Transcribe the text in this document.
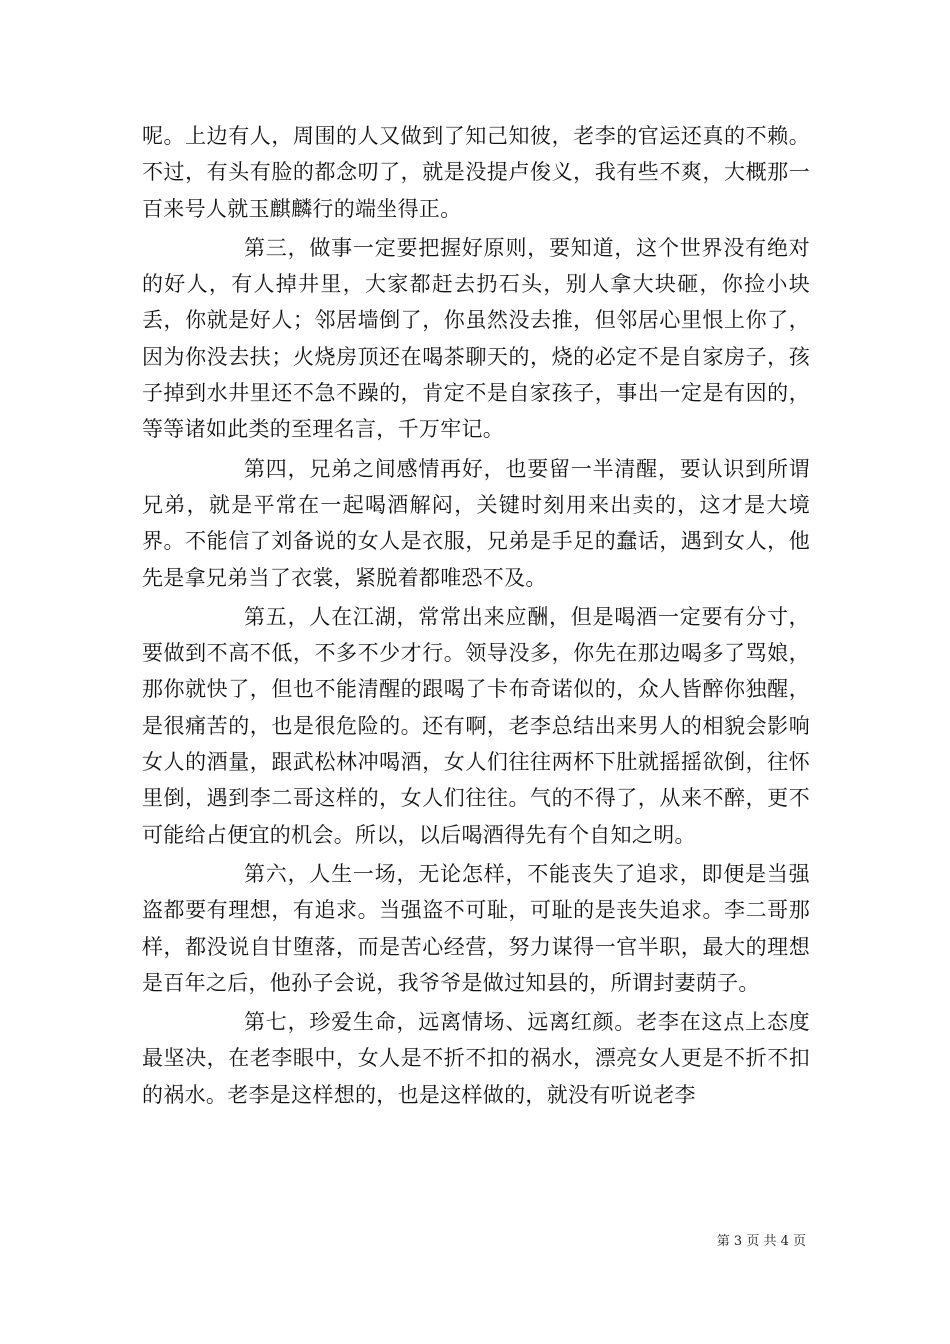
呢。上边有人，周围的人又做到了知己知彼，老李的官运还真的不赖。不过，有头有脸的都念叨了，就是没提卢俊义，我有些不爽，大概那一百来号人就玉麒麟行的端坐得正。

第三，做事一定要把握好原则，要知道，这个世界没有绝对的好人，有人掉井里，大家都赶去扔石头，别人拿大块砸，你捡小块丢，你就是好人；邻居墙倒了，你虽然没去推，但邻居心里恨上你了，因为你没去扶；火烧房顶还在喝茶聊天的，烧的必定不是自家房子，孩子掉到水井里还不急不躁的，肯定不是自家孩子，事出一定是有因的，等等诸如此类的至理名言，千万牢记。

第四，兄弟之间感情再好，也要留一半清醒，要认识到所谓兄弟，就是平常在一起喝酒解闷，关键时刻用来出卖的，这才是大境界。不能信了刘备说的女人是衣服，兄弟是手足的蠢话，遇到女人，他先是拿兄弟当了衣裳，紧脱着都唯恐不及。

第五，人在江湖，常常出来应酬，但是喝酒一定要有分寸，要做到不高不低，不多不少才行。领导没多，你先在那边喝多了骂娘，那你就快了，但也不能清醒的跟喝了卡布奇诺似的，众人皆醉你独醒，是很痛苦的，也是很危险的。还有啊，老李总结出来男人的相貌会影响女人的酒量，跟武松林冲喝酒，女人们往往两杯下肚就摇摇欲倒，往怀里倒，遇到李二哥这样的，女人们往往。气的不得了，从来不醉，更不可能给占便宜的机会。所以，以后喝酒得先有个自知之明。

第六，人生一场，无论怎样，不能丧失了追求，即便是当强盗都要有理想，有追求。当强盗不可耻，可耻的是丧失追求。李二哥那样，都没说自甘堕落，而是苦心经营，努力谋得一官半职，最大的理想是百年之后，他孙子会说，我爷爷是做过知县的，所谓封妻荫子。

第七，珍爱生命，远离情场、远离红颜。老李在这点上态度最坚决，在老李眼中，女人是不折不扣的祸水，漂亮女人更是不折不扣的祸水。老李是这样想的，也是这样做的，就没有听说老李

第 3 页 共 4 页
